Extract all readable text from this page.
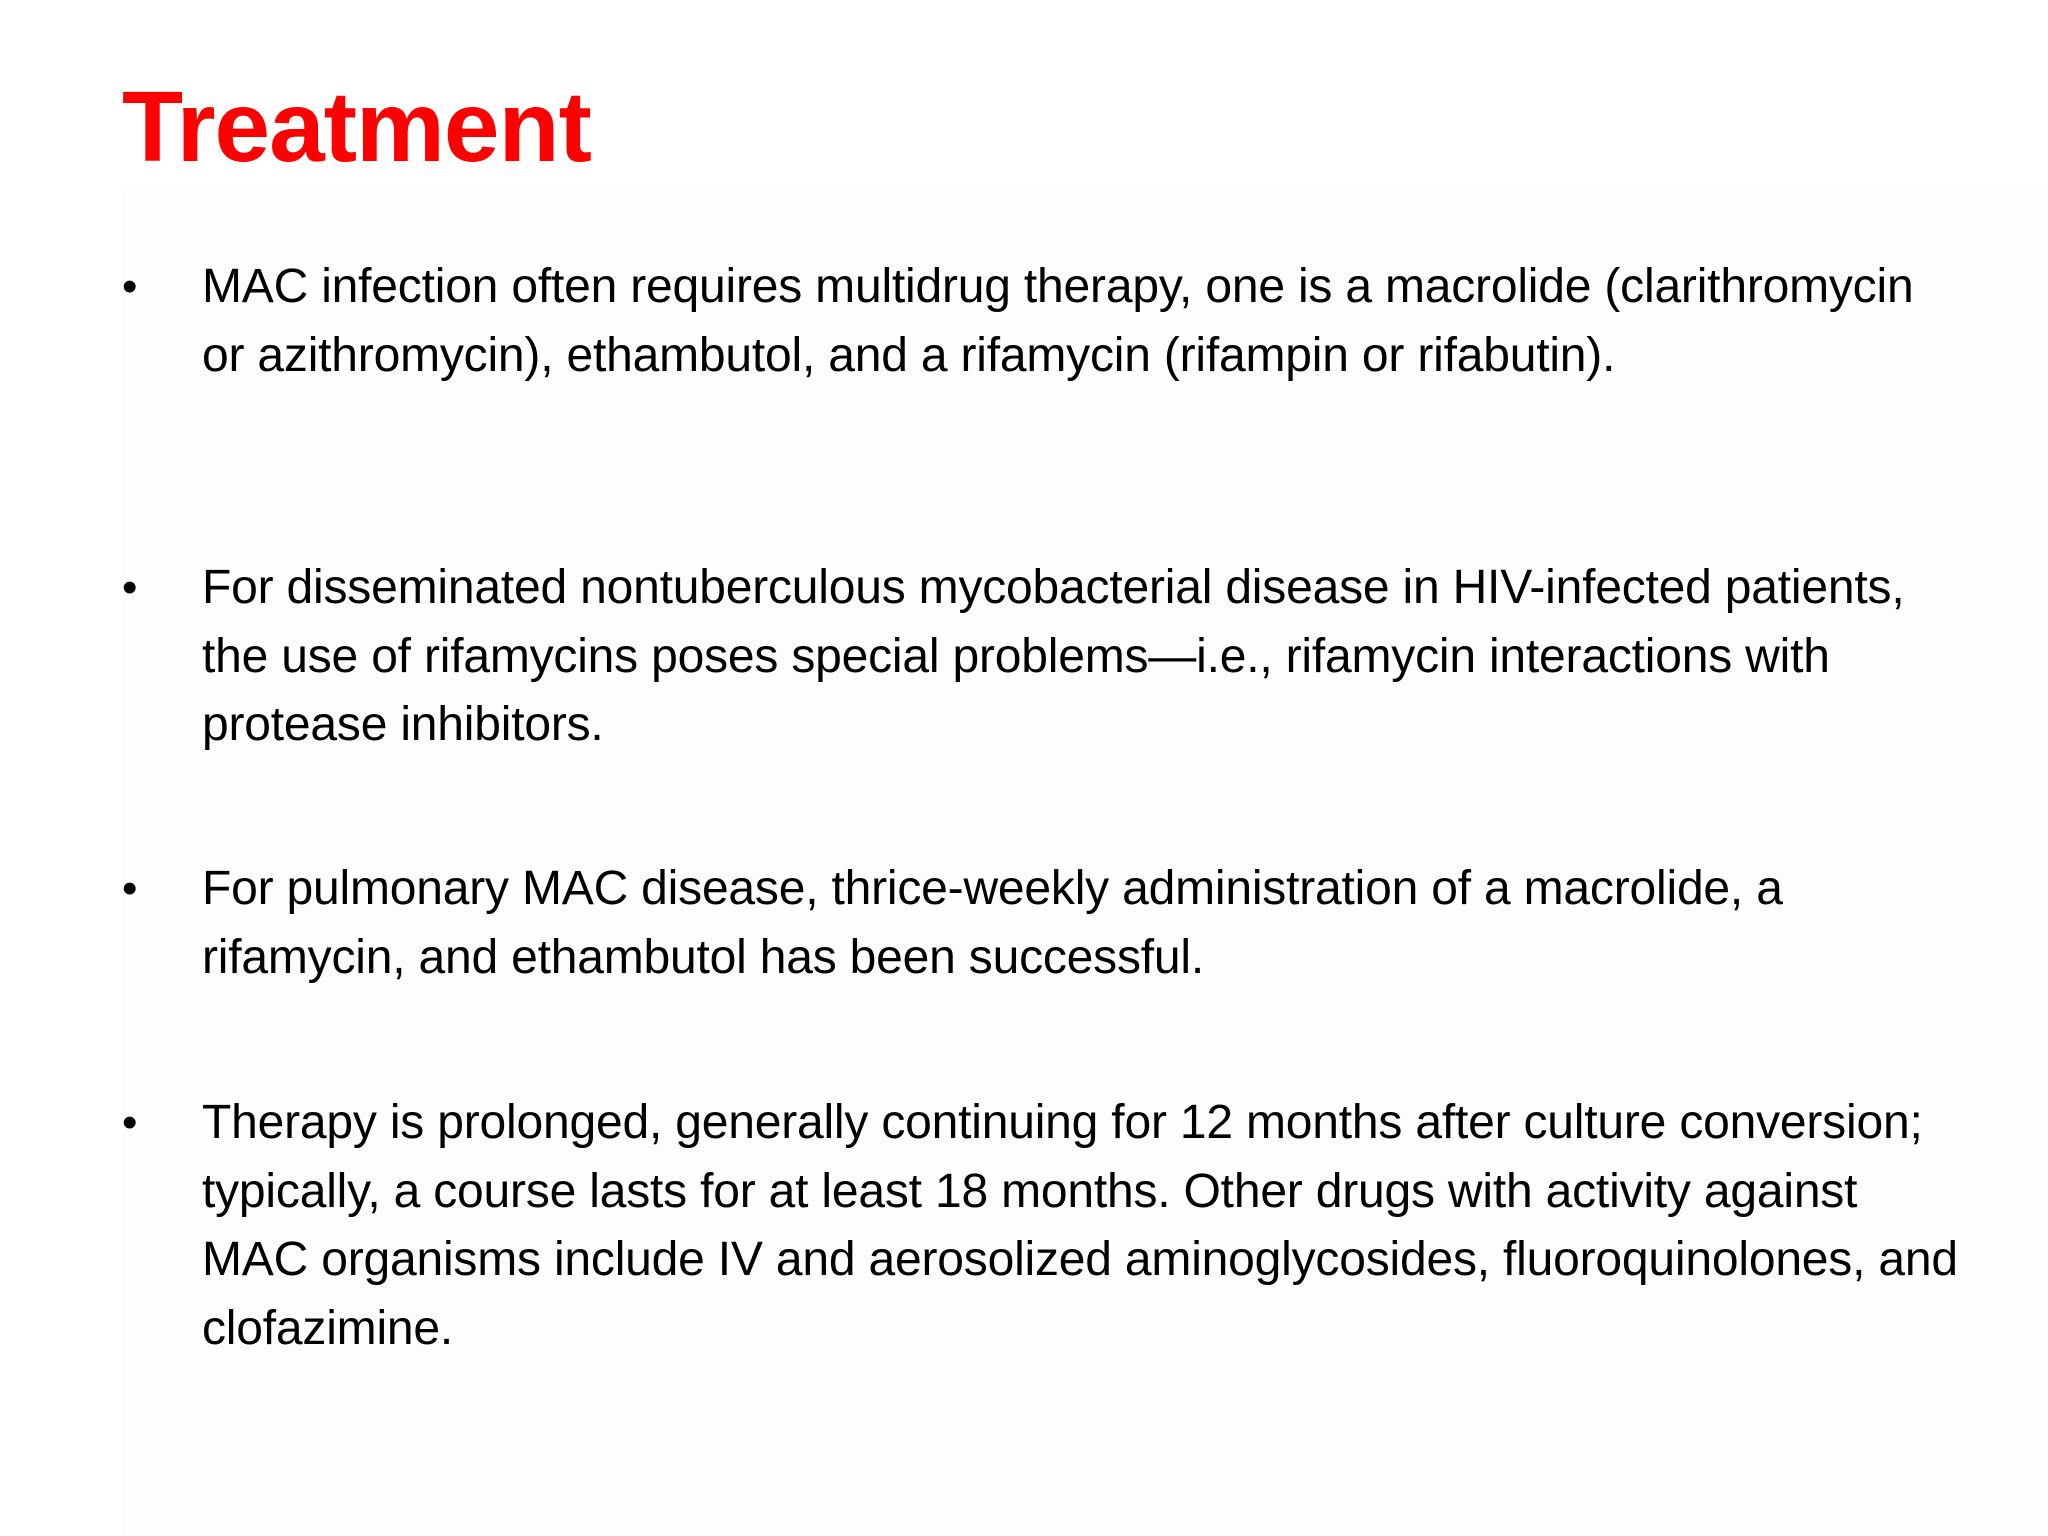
Treatment
•	MAC infection often requires multidrug therapy, one is a macrolide (clarithromycin or azithromycin), ethambutol, and a rifamycin (rifampin or rifabutin).
•	For disseminated nontuberculous mycobacterial disease in HIV-infected patients, the use of rifamycins poses special problems—i.e., rifamycin interactions with protease inhibitors.
•	For pulmonary MAC disease, thrice-weekly administration of a macrolide, a rifamycin, and ethambutol has been successful.
•	Therapy is prolonged, generally continuing for 12 months after culture conversion; typically, a course lasts for at least 18 months. Other drugs with activity against MAC organisms include IV and aerosolized aminoglycosides, fluoroquinolones, and clofazimine.
